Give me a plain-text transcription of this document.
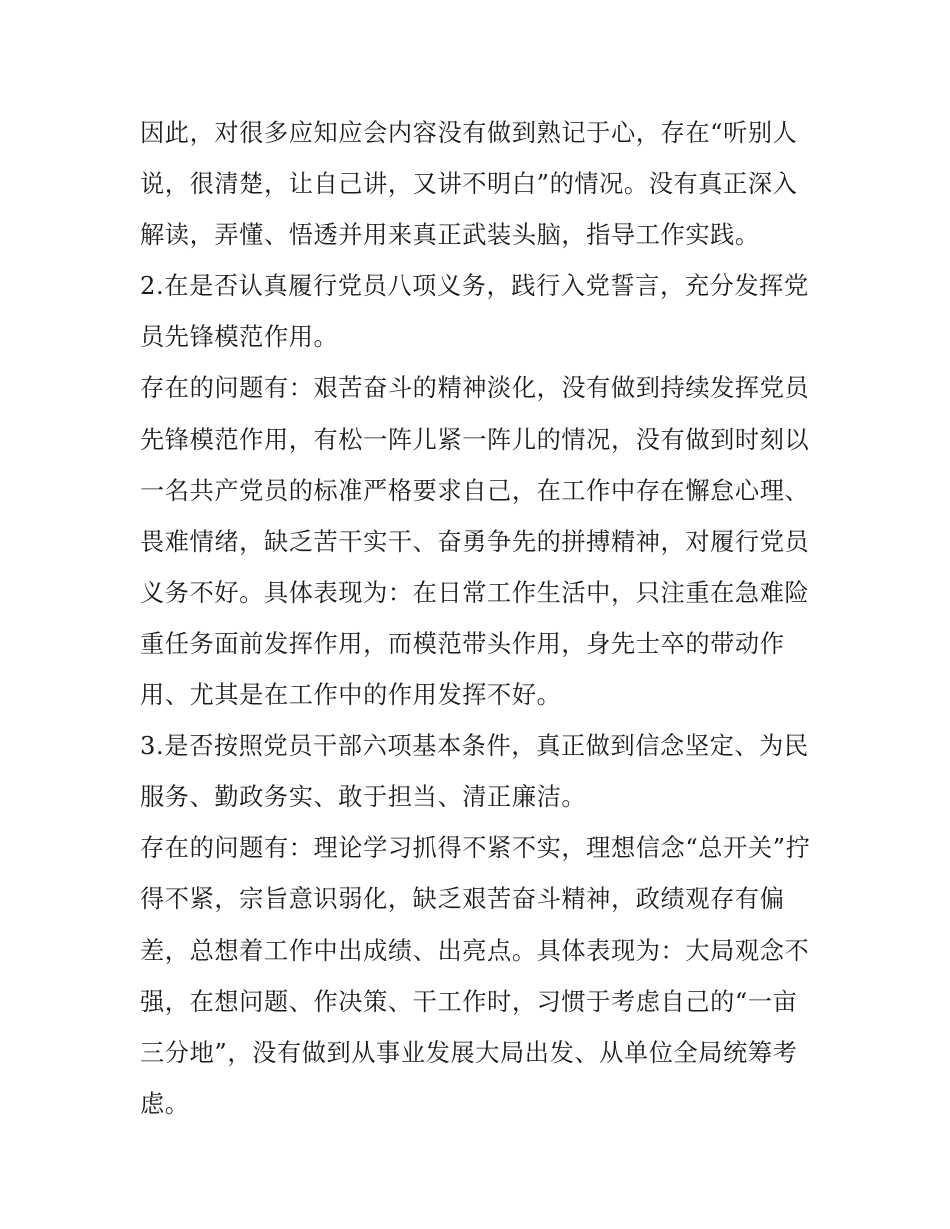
因此，对很多应知应会内容没有做到熟记于心，存在“听别人说，很清楚，让自己讲，又讲不明白”的情况。没有真正深入解读，弄懂、悟透并用来真正武装头脑，指导工作实践。

2.在是否认真履行党员八项义务，践行入党誓言，充分发挥党员先锋模范作用。

存在的问题有：艰苦奋斗的精神淡化，没有做到持续发挥党员先锋模范作用，有松一阵儿紧一阵儿的情况，没有做到时刻以一名共产党员的标准严格要求自己，在工作中存在懈怠心理、畏难情绪，缺乏苦干实干、奋勇争先的拼搏精神，对履行党员义务不好。具体表现为：在日常工作生活中，只注重在急难险重任务面前发挥作用，而模范带头作用，身先士卒的带动作用、尤其是在工作中的作用发挥不好。

3.是否按照党员干部六项基本条件，真正做到信念坚定、为民服务、勤政务实、敢于担当、清正廉洁。

存在的问题有：理论学习抓得不紧不实，理想信念“总开关”拧得不紧，宗旨意识弱化，缺乏艰苦奋斗精神，政绩观存有偏差，总想着工作中出成绩、出亮点。具体表现为：大局观念不强，在想问题、作决策、干工作时，习惯于考虑自己的“一亩三分地”，没有做到从事业发展大局出发、从单位全局统筹考虑。
